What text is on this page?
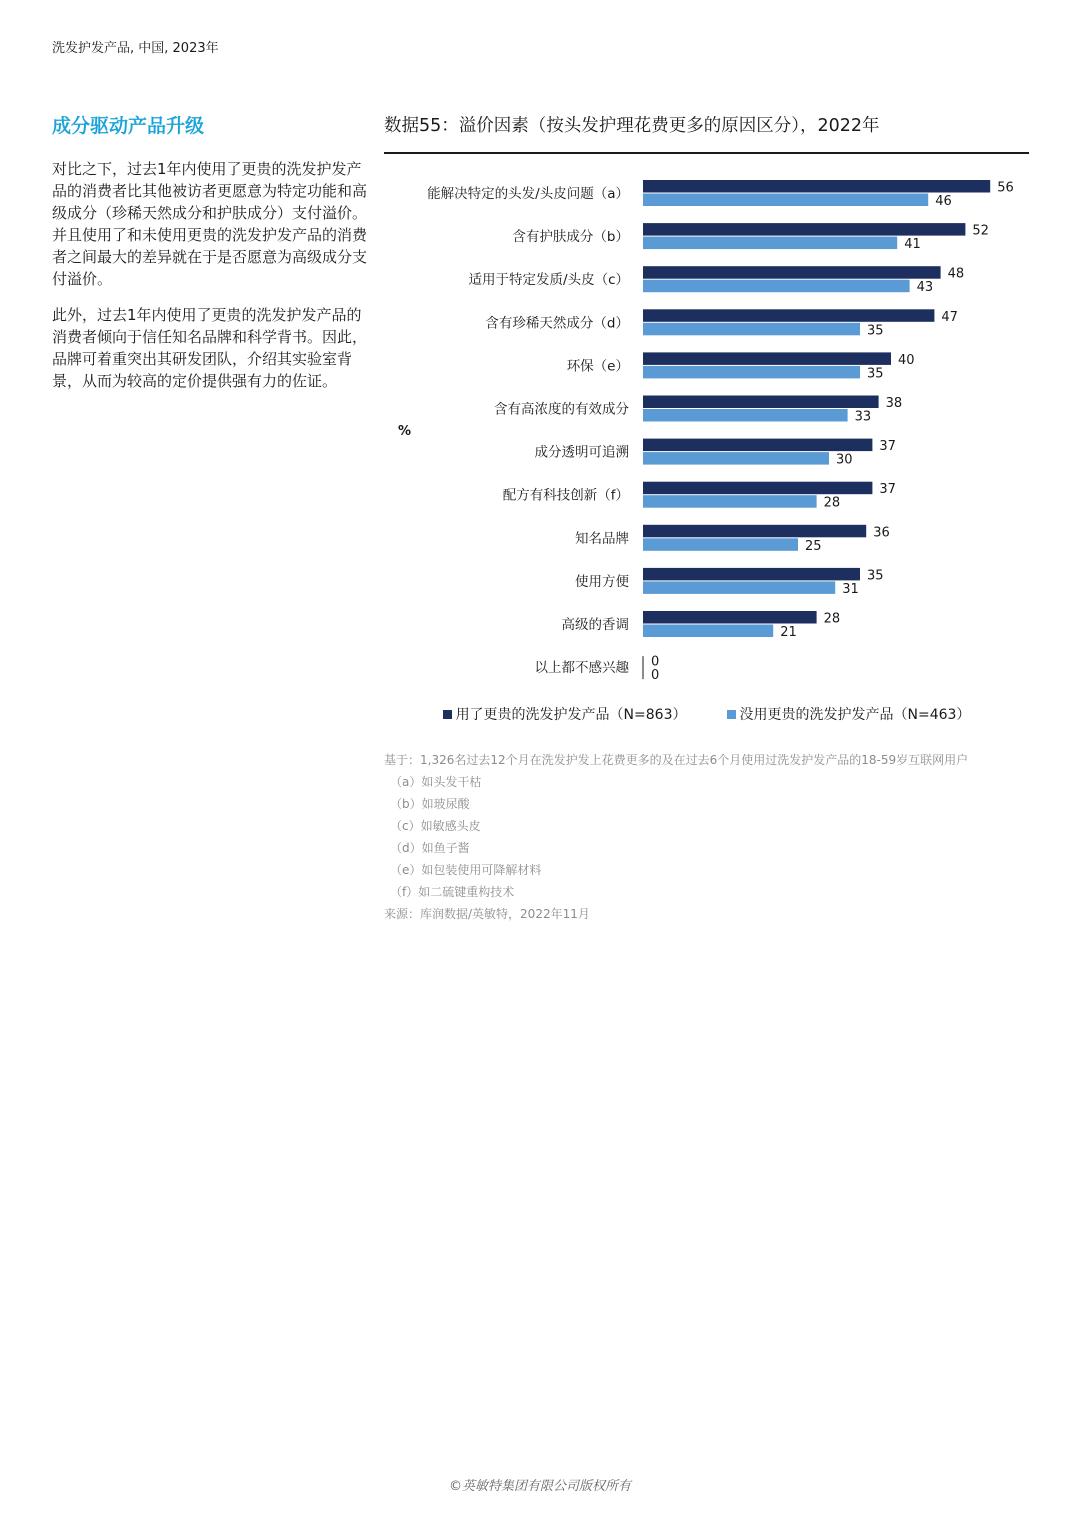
洗发护发产品, 中国, 2023年
成分驱动产品升级

对比之下，过去1年内使用了更贵的洗发护发产品的消费者比其他被访者更愿意为特定功能和高级成分（珍稀天然成分和护肤成分）支付溢价。并且使用了和未使用更贵的洗发护发产品的消费者之间最大的差异就在于是否愿意为高级成分支付溢价。

此外，过去1年内使用了更贵的洗发护发产品的消费者倾向于信任知名品牌和科学背书。因此，品牌可着重突出其研发团队，介绍其实验室背景，从而为较高的定价提供强有力的佐证。

数据55：溢价因素（按头发护理花费更多的原因区分），2022年
%
能解决特定的头发/头皮问题（a）	56
46
含有护肤成分（b）	52
41
适用于特定发质/头皮（c）	48
43
含有珍稀天然成分（d）	47
35
环保（e）	40
35
含有高浓度的有效成分	38
33
成分透明可追溯	37
30
配方有科技创新（f）	37
28
知名品牌	36
25
使用方便	35
31
高级的香调	28
21
以上都不感兴趣 0
0
用了更贵的洗发护发产品（N=863）	没用更贵的洗发护发产品（N=463）
基于：1,326名过去12个月在洗发护发上花费更多的及在过去6个月使用过洗发护发产品的18-59岁互联网用户
（a）如头发干枯
（b）如玻尿酸
（c）如敏感头皮
（d）如鱼子酱
（e）如包装使用可降解材料
（f）如二硫键重构技术
来源：库润数据/英敏特，2022年11月
©英敏特集团有限公司版权所有
